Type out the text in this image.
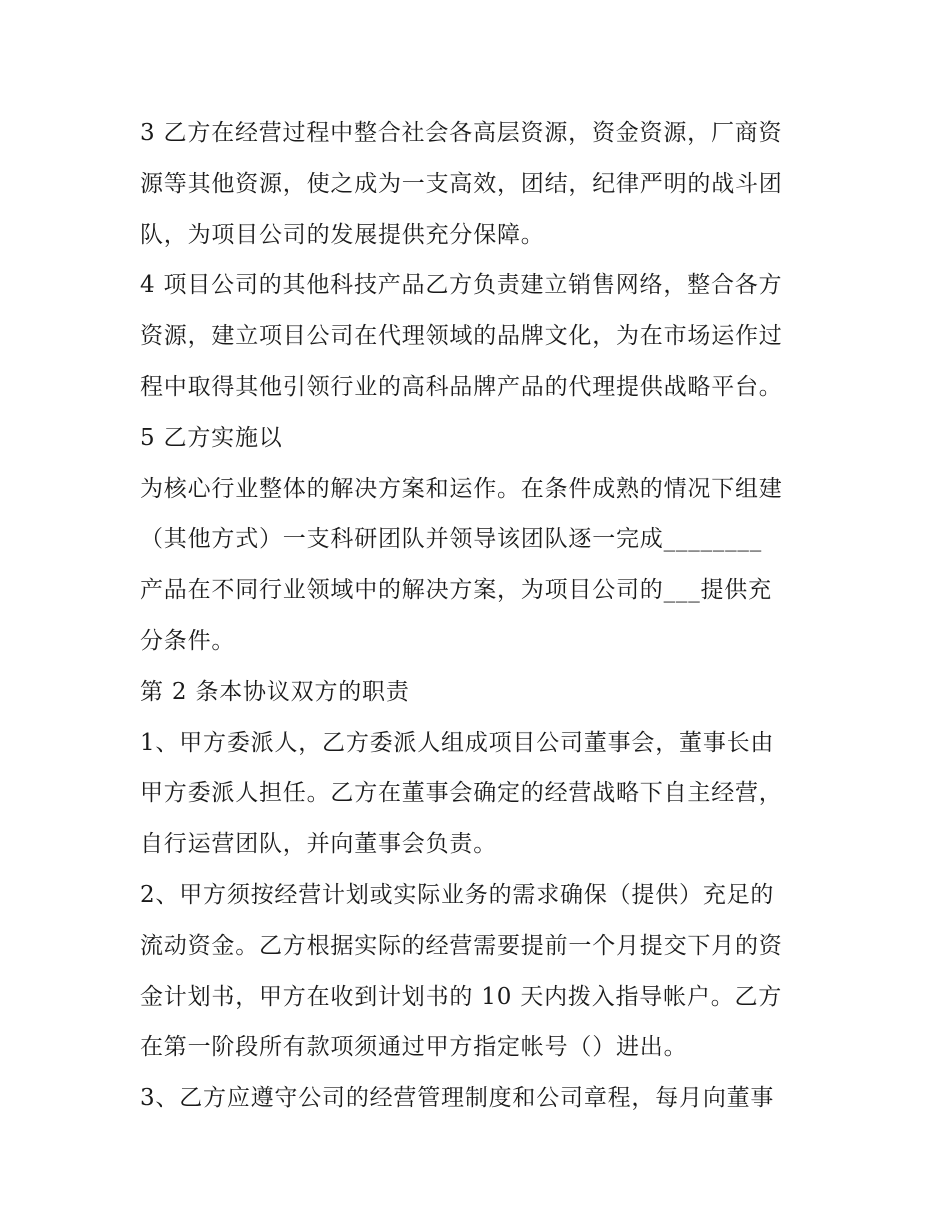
3 乙方在经营过程中整合社会各高层资源，资金资源，厂商资
源等其他资源，使之成为一支高效，团结，纪律严明的战斗团
队，为项目公司的发展提供充分保障。
4 项目公司的其他科技产品乙方负责建立销售网络，整合各方
资源，建立项目公司在代理领域的品牌文化，为在市场运作过
程中取得其他引领行业的高科品牌产品的代理提供战略平台。
5 乙方实施以
为核心行业整体的解决方案和运作。在条件成熟的情况下组建
（其他方式）一支科研团队并领导该团队逐一完成________
产品在不同行业领域中的解决方案，为项目公司的___提供充
分条件。
第 2 条本协议双方的职责
1、甲方委派人，乙方委派人组成项目公司董事会，董事长由
甲方委派人担任。乙方在董事会确定的经营战略下自主经营，
自行运营团队，并向董事会负责。
2、甲方须按经营计划或实际业务的需求确保（提供）充足的
流动资金。乙方根据实际的经营需要提前一个月提交下月的资
金计划书，甲方在收到计划书的 10 天内拨入指导帐户。乙方
在第一阶段所有款项须通过甲方指定帐号（）进出。
3、乙方应遵守公司的经营管理制度和公司章程，每月向董事
